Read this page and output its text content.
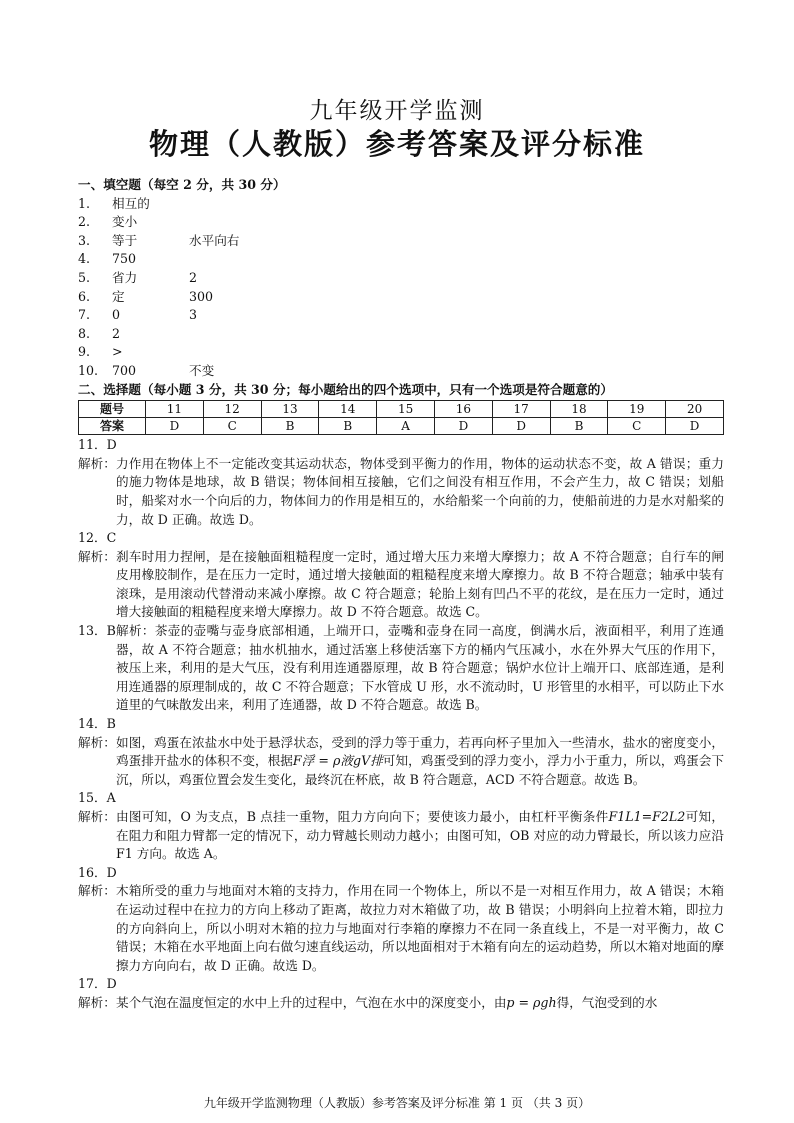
九年级开学监测
物理（人教版）参考答案及评分标准
一、填空题（每空 2 分，共 30 分）
1.	相互的
2.	变小
3.	等于	水平向右
4.	750
5.	省力	2
6.	定	300
7.	0	3
8.	2
9.	>
10.	700	不变
二、选择题（每小题 3 分，共 30 分；每小题给出的四个选项中，只有一个选项是符合题意的）
题号	11	12	13	14	15	16	17	18	19	20
答案	D	C	B	B	A	D	D	B	C	D
11．D
解析： 力作用在物体上不一定能改变其运动状态，物体受到平衡力的作用，物体的运动状态不变，故 A 错误；重力的施力物体是地球，故 B 错误；物体间相互接触，它们之间没有相互作用，不会产生力，故 C 错误；划船时，船桨对水一个向后的力，物体间力的作用是相互的，水给船桨一个向前的力，使船前进的力是水对船桨的力，故 D 正确。故选 D。
12．C
解析： 刹车时用力捏闸，是在接触面粗糙程度一定时，通过增大压力来增大摩擦力；故 A 不符合题意；自行车的闸皮用橡胶制作，是在压力一定时，通过增大接触面的粗糙程度来增大摩擦力。故 B 不符合题意；轴承中装有滚珠，是用滚动代替滑动来减小摩擦。故 C 符合题意；轮胎上刻有凹凸不平的花纹，是在压力一定时，通过增大接触面的粗糙程度来增大摩擦力。故 D 不符合题意。故选 C。
13．B 解析：茶壶的壶嘴与壶身底部相通，上端开口，壶嘴和壶身在同一高度，倒满水后，液面相平，利用了连通器，故 A 不符合题意；抽水机抽水，通过活塞上移使活塞下方的桶内气压减小，水在外界大气压的作用下，被压上来，利用的是大气压，没有利用连通器原理，故 B 符合题意；锅炉水位计上端开口、底部连通，是利用连通器的原理制成的，故 C 不符合题意；下水管成 U 形，水不流动时，U 形管里的水相平，可以防止下水道里的气味散发出来，利用了连通器，故 D 不符合题意。故选 B。
14．B
解析： 如图，鸡蛋在浓盐水中处于悬浮状态，受到的浮力等于重力，若再向杯子里加入一些清水，盐水的密度变小，鸡蛋排开盐水的体积不变，根据F浮 = ρ液gV排可知，鸡蛋受到的浮力变小，浮力小于重力，所以，鸡蛋会下沉，所以，鸡蛋位置会发生变化，最终沉在杯底，故 B 符合题意，ACD 不符合题意。故选 B。
15．A
解析： 由图可知，O 为支点，B 点挂一重物，阻力方向向下；要使该力最小，由杠杆平衡条件F1L1=F2L2可知，在阻力和阻力臂都一定的情况下，动力臂越长则动力越小；由图可知，OB 对应的动力臂最长，所以该力应沿 F1 方向。故选 A。
16．D
解析： 木箱所受的重力与地面对木箱的支持力，作用在同一个物体上，所以不是一对相互作用力，故 A 错误；木箱在运动过程中在拉力的方向上移动了距离，故拉力对木箱做了功，故 B 错误；小明斜向上拉着木箱，即拉力的方向斜向上，所以小明对木箱的拉力与地面对行李箱的摩擦力不在同一条直线上，不是一对平衡力，故 C 错误；木箱在水平地面上向右做匀速直线运动，所以地面相对于木箱有向左的运动趋势，所以木箱对地面的摩擦力方向向右，故 D 正确。故选 D。
17．D
解析： 某个气泡在温度恒定的水中上升的过程中，气泡在水中的深度变小，由p = ρgh得，气泡受到的水
九年级开学监测物理（人教版）参考答案及评分标准 第 1 页 （共 3 页）
